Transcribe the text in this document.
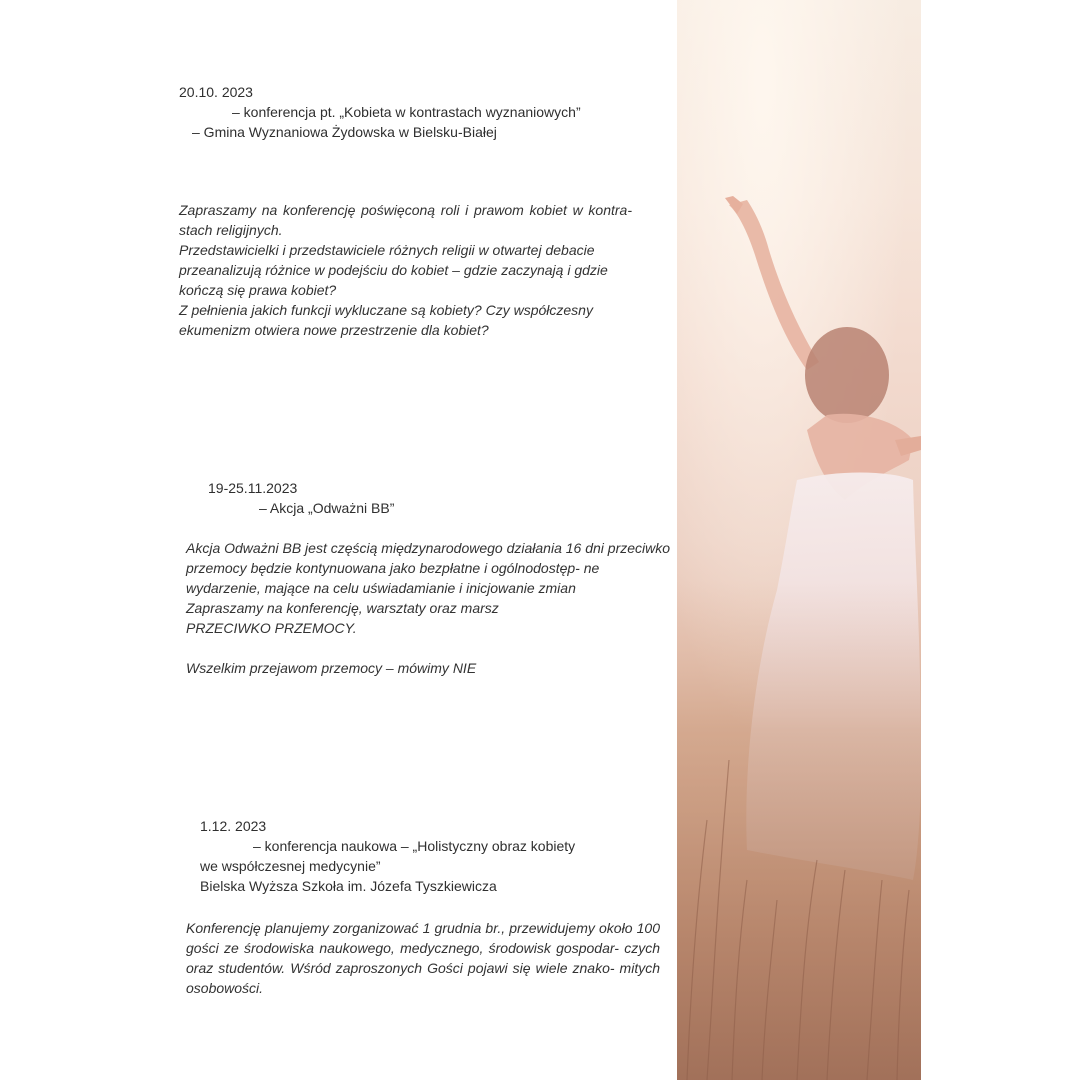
20.10. 2023
– konferencja pt. „Kobieta w kontrastach wyznaniowych”
– Gmina Wyznaniowa Żydowska w Bielsku-Białej

Zapraszamy na konferencję poświęconą roli i prawom kobiet w kontra- stach religijnych.

Przedstawicielki i przedstawiciele różnych religii w otwartej debacie przeanalizują różnice w podejściu do kobiet – gdzie zaczynają i gdzie kończą się prawa kobiet?

Z pełnienia jakich funkcji wykluczane są kobiety? Czy współczesny ekumenizm otwiera nowe przestrzenie dla kobiet?

19-25.11.2023
– Akcja „Odważni BB”

Akcja Odważni BB jest częścią międzynarodowego działania 16 dni przeciwko przemocy będzie kontynuowana jako bezpłatne i ogólnodostęp- ne wydarzenie, mające na celu uświadamianie i inicjowanie zmian

Zapraszamy na konferencję, warsztaty oraz marsz

PRZECIWKO PRZEMOCY.

Wszelkim przejawom przemocy – mówimy NIE

1.12. 2023
– konferencja naukowa – „Holistyczny obraz kobiety
we współczesnej medycynie”
Bielska Wyższa Szkoła im. Józefa Tyszkiewicza

Konferencję planujemy zorganizować 1 grudnia br., przewidujemy około 100 gości ze środowiska naukowego, medycznego, środowisk gospodar- czych oraz studentów. Wśród zaproszonych Gości pojawi się wiele znako- mitych osobowości.
